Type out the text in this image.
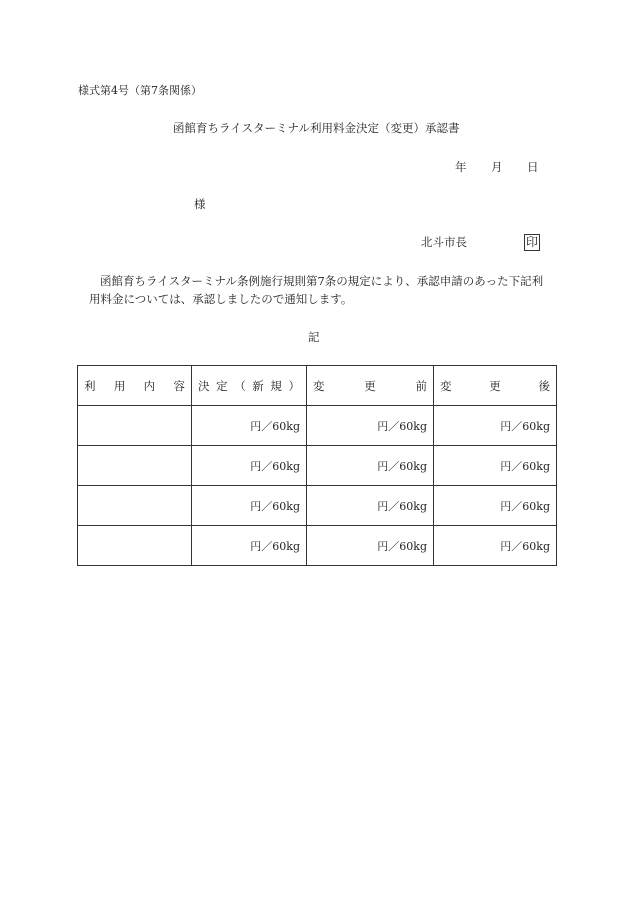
様式第4号（第7条関係）
函館育ちライスターミナル利用料金決定（変更）承認書
年 月 日
様
北斗市長	印
函館育ちライスターミナル条例施行規則第7条の規定により、承認申請のあった下記利
用料金については、承認しましたので通知します。
記
利用内容	決定（新規）	変更前	変更後
	円／60kg	円／60kg	円／60kg
	円／60kg	円／60kg	円／60kg
	円／60kg	円／60kg	円／60kg
	円／60kg	円／60kg	円／60kg
